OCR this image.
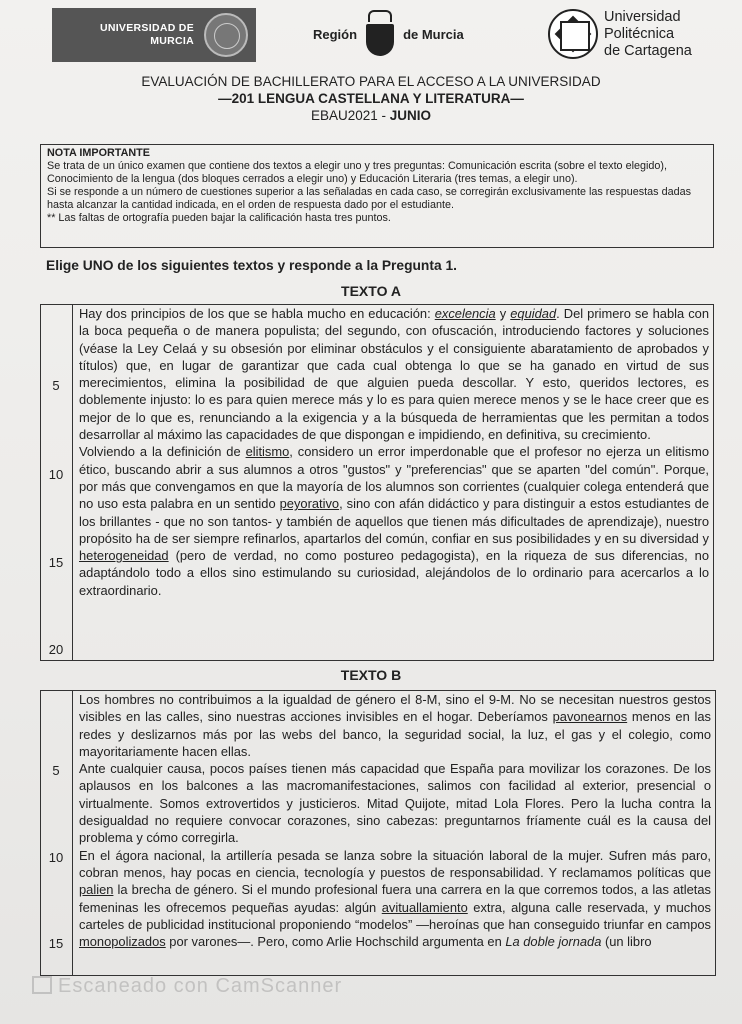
UNIVERSIDAD DE
MURCIA	Región	de Murcia
Universidad
Politécnica
de Cartagena
EVALUACIÓN DE BACHILLERATO PARA EL ACCESO A LA UNIVERSIDAD
—201 LENGUA CASTELLANA Y LITERATURA—
EBAU2021 - JUNIO
NOTA IMPORTANTE
Se trata de un único examen que contiene dos textos a elegir uno y tres preguntas: Comunicación escrita (sobre el texto elegido), Conocimiento de la lengua (dos bloques cerrados a elegir uno) y Educación Literaria (tres temas, a elegir uno).
Si se responde a un número de cuestiones superior a las señaladas en cada caso, se corregirán exclusivamente las respuestas dadas hasta alcanzar la cantidad indicada, en el orden de respuesta dado por el estudiante.
** Las faltas de ortografía pueden bajar la calificación hasta tres puntos.
Elige UNO de los siguientes textos y responde a la Pregunta 1.
TEXTO A
5
10
15
20

Hay dos principios de los que se habla mucho en educación: excelencia y equidad. Del primero se habla con la boca pequeña o de manera populista; del segundo, con ofuscación, introduciendo factores y soluciones (véase la Ley Celaá y su obsesión por eliminar obstáculos y el consiguiente abaratamiento de aprobados y títulos) que, en lugar de garantizar que cada cual obtenga lo que se ha ganado en virtud de sus merecimientos, elimina la posibilidad de que alguien pueda descollar. Y esto, queridos lectores, es doblemente injusto: lo es para quien merece más y lo es para quien merece menos y se le hace creer que es mejor de lo que es, renunciando a la exigencia y a la búsqueda de herramientas que les permitan a todos desarrollar al máximo las capacidades de que dispongan e impidiendo, en definitiva, su crecimiento.

Volviendo a la definición de elitismo, considero un error imperdonable que el profesor no ejerza un elitismo ético, buscando abrir a sus alumnos a otros "gustos" y "preferencias" que se aparten "del común". Porque, por más que convengamos en que la mayoría de los alumnos son corrientes (cualquier colega entenderá que no uso esta palabra en un sentido peyorativo, sino con afán didáctico y para distinguir a estos estudiantes de los brillantes - que no son tantos- y también de aquellos que tienen más dificultades de aprendizaje), nuestro propósito ha de ser siempre refinarlos, apartarlos del común, confiar en sus posibilidades y en su diversidad y heterogeneidad (pero de verdad, no como postureo pedagogista), en la riqueza de sus diferencias, no adaptándolo todo a ellos sino estimulando su curiosidad, alejándolos de lo ordinario para acercarlos a lo extraordinario.

TEXTO B
5
10
15

Los hombres no contribuimos a la igualdad de género el 8-M, sino el 9-M. No se necesitan nuestros gestos visibles en las calles, sino nuestras acciones invisibles en el hogar. Deberíamos pavonearnos menos en las redes y deslizarnos más por las webs del banco, la seguridad social, la luz, el gas y el colegio, como mayoritariamente hacen ellas.

Ante cualquier causa, pocos países tienen más capacidad que España para movilizar los corazones. De los aplausos en los balcones a las macromanifestaciones, salimos con facilidad al exterior, presencial o virtualmente. Somos extrovertidos y justicieros. Mitad Quijote, mitad Lola Flores. Pero la lucha contra la desigualdad no requiere convocar corazones, sino cabezas: preguntarnos fríamente cuál es la causa del problema y cómo corregirla.

En el ágora nacional, la artillería pesada se lanza sobre la situación laboral de la mujer. Sufren más paro, cobran menos, hay pocas en ciencia, tecnología y puestos de responsabilidad. Y reclamamos políticas que palien la brecha de género. Si el mundo profesional fuera una carrera en la que corremos todos, a las atletas femeninas les ofrecemos pequeñas ayudas: algún avituallamiento extra, alguna calle reservada, y muchos carteles de publicidad institucional proponiendo “modelos” —heroínas que han conseguido triunfar en campos monopolizados por varones—. Pero, como Arlie Hochschild argumenta en La doble jornada (un libro

Escaneado con CamScanner
